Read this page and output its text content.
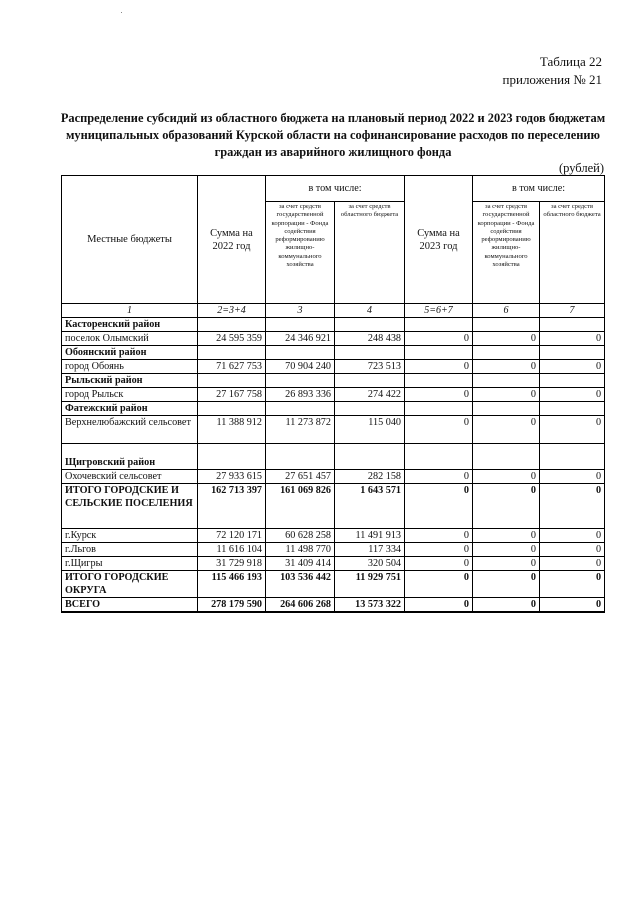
Таблица 22
приложения № 21
Распределение субсидий из областного бюджета на плановый период 2022 и 2023 годов бюджетам муниципальных образований Курской области на софинансирование расходов по переселению граждан из аварийного жилищного фонда
(рублей)
Местные бюджеты	Сумма на 2022 год	в том числе:		Сумма на 2023 год	в том числе:	
		за счет средств государственной корпорации - Фонда содействия реформированию жилищно-коммунального хозяйства	за счет средств областного бюджета		за счет средств государственной корпорации - Фонда содействия реформированию жилищно-коммунального хозяйства	за счет средств областного бюджета
1	2=3+4	3	4	5=6+7	6	7
Касторенский район						
поселок Олымский	24 595 359	24 346 921	248 438	0	0	0
Обоянский район						
город Обоянь	71 627 753	70 904 240	723 513	0	0	0
Рыльский район						
город Рыльск	27 167 758	26 893 336	274 422	0	0	0
Фатежский район						
Верхнелюбажский сельсовет	11 388 912	11 273 872	115 040	0	0	0
Щигровский район						
Охочевский сельсовет	27 933 615	27 651 457	282 158	0	0	0
ИТОГО ГОРОДСКИЕ И СЕЛЬСКИЕ ПОСЕЛЕНИЯ	162 713 397	161 069 826	1 643 571	0	0	0
г.Курск	72 120 171	60 628 258	11 491 913	0	0	0
г.Льгов	11 616 104	11 498 770	117 334	0	0	0
г.Щигры	31 729 918	31 409 414	320 504	0	0	0
ИТОГО ГОРОДСКИЕ ОКРУГА	115 466 193	103 536 442	11 929 751	0	0	0
ВСЕГО	278 179 590	264 606 268	13 573 322	0	0	0
